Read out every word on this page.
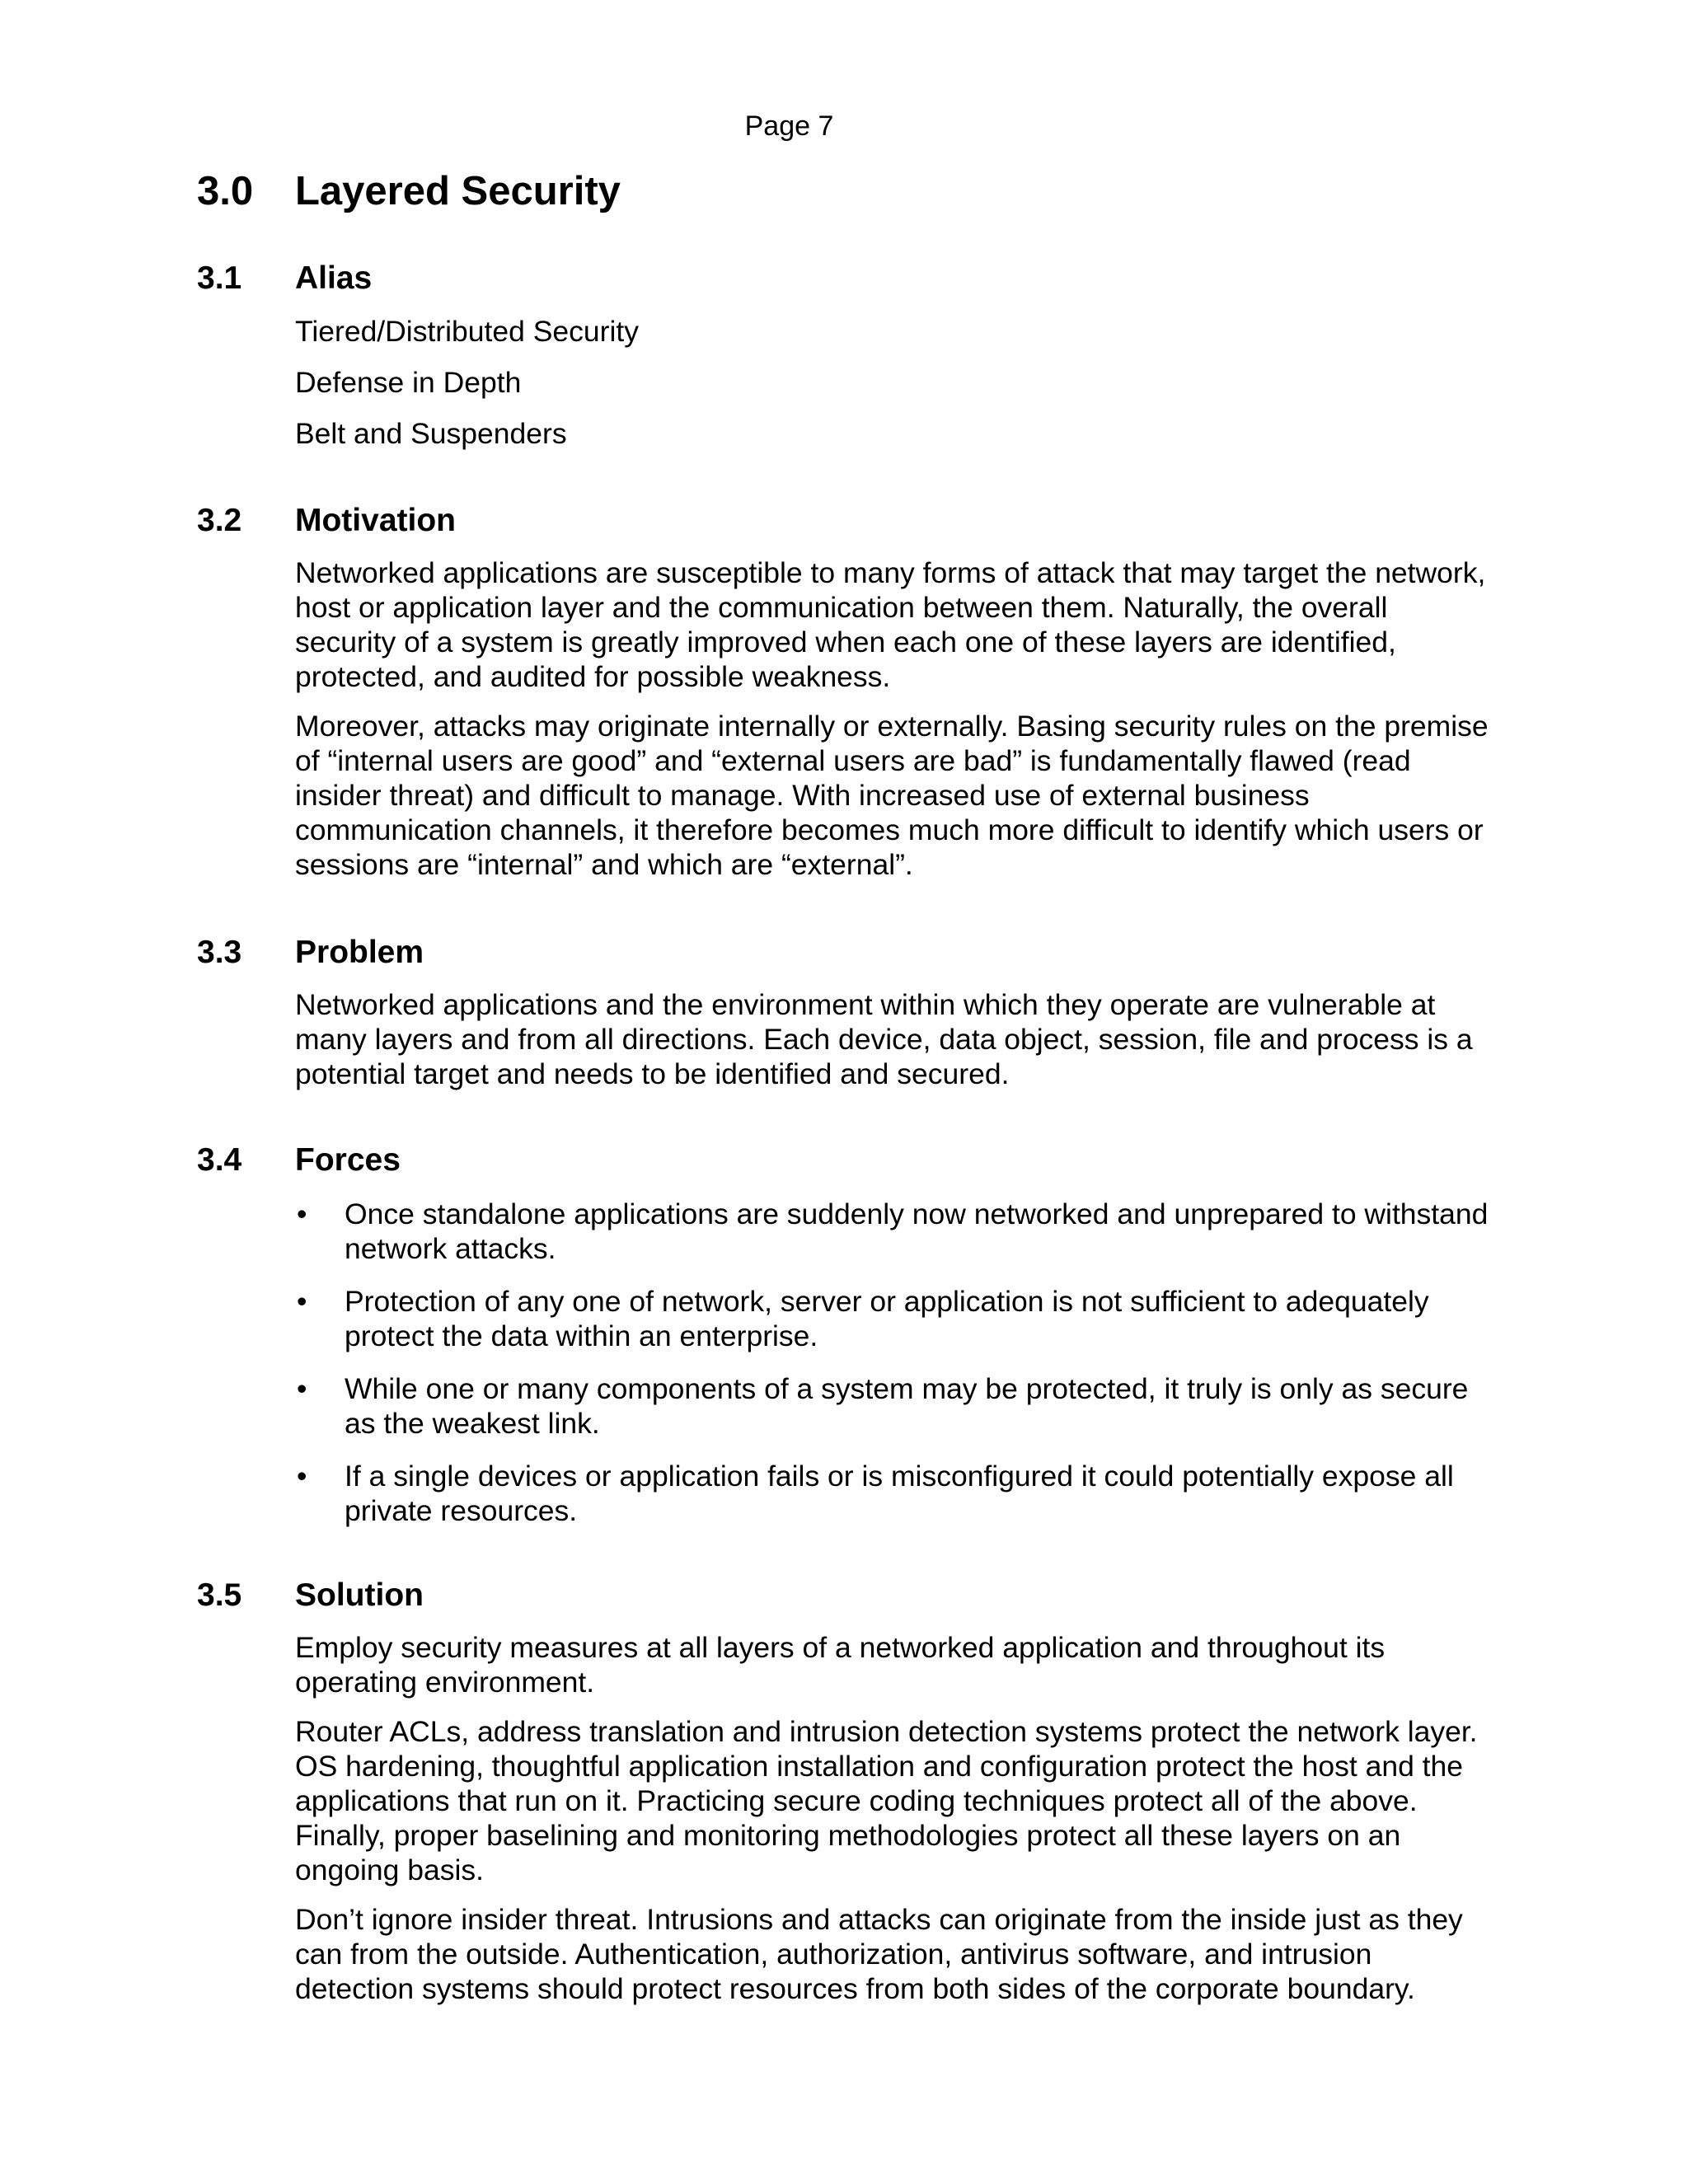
Page 7
3.0 Layered Security
3.1 Alias
Tiered/Distributed Security
Defense in Depth
Belt and Suspenders
3.2 Motivation

Networked applications are susceptible to many forms of attack that may target the network, host or application layer and the communication between them. Naturally, the overall security of a system is greatly improved when each one of these layers are identified, protected, and audited for possible weakness.

Moreover, attacks may originate internally or externally. Basing security rules on the premise of “internal users are good” and “external users are bad” is fundamentally flawed (read insider threat) and difficult to manage. With increased use of external business communication channels, it therefore becomes much more difficult to identify which users or sessions are “internal” and which are “external”.

3.3 Problem

Networked applications and the environment within which they operate are vulnerable at many layers and from all directions. Each device, data object, session, file and process is a potential target and needs to be identified and secured.

3.4 Forces
• Once standalone applications are suddenly now networked and unprepared to withstand network attacks.
• Protection of any one of network, server or application is not sufficient to adequately protect the data within an enterprise.
• While one or many components of a system may be protected, it truly is only as secure as the weakest link.
• If a single devices or application fails or is misconfigured it could potentially expose all private resources.
3.5 Solution

Employ security measures at all layers of a networked application and throughout its operating environment.

Router ACLs, address translation and intrusion detection systems protect the network layer. OS hardening, thoughtful application installation and configuration protect the host and the applications that run on it. Practicing secure coding techniques protect all of the above. Finally, proper baselining and monitoring methodologies protect all these layers on an ongoing basis.

Don’t ignore insider threat. Intrusions and attacks can originate from the inside just as they can from the outside. Authentication, authorization, antivirus software, and intrusion detection systems should protect resources from both sides of the corporate boundary.
